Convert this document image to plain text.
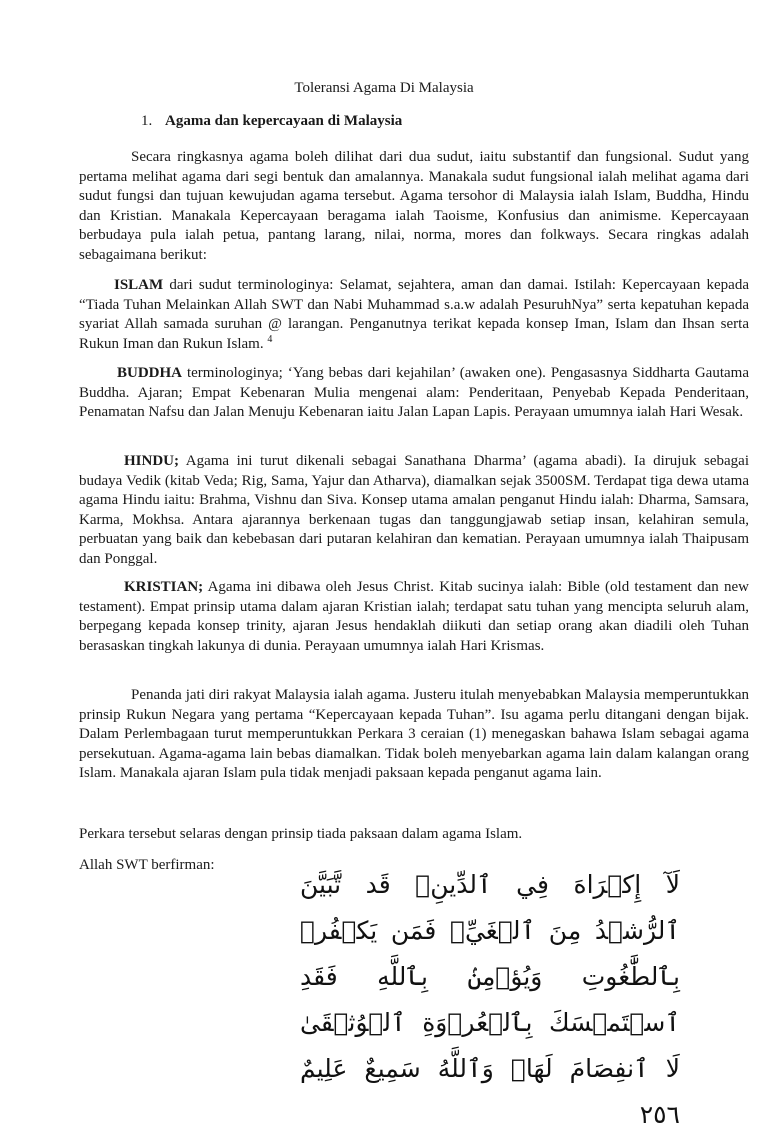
Toleransi Agama Di Malaysia
1. Agama dan kepercayaan di Malaysia

Secara ringkasnya agama boleh dilihat dari dua sudut, iaitu substantif dan fungsional. Sudut yang pertama melihat agama dari segi bentuk dan amalannya. Manakala sudut fungsional ialah melihat agama dari sudut fungsi dan tujuan kewujudan agama tersebut. Agama tersohor di Malaysia ialah Islam, Buddha, Hindu dan Kristian. Manakala Kepercayaan beragama ialah Taoisme, Konfusius dan animisme. Kepercayaan berbudaya pula ialah petua, pantang larang, nilai, norma, mores dan folkways. Secara ringkas adalah sebagaimana berikut:

ISLAM dari sudut terminologinya: Selamat, sejahtera, aman dan damai. Istilah: Kepercayaan kepada “Tiada Tuhan Melainkan Allah SWT dan Nabi Muhammad s.a.w adalah PesuruhNya” serta kepatuhan kepada syariat Allah samada suruhan @ larangan. Penganutnya terikat kepada konsep Iman, Islam dan Ihsan serta Rukun Iman dan Rukun Islam. $^4$

BUDDHA terminologinya; ‘Yang bebas dari kejahilan’ (awaken one). Pengasasnya Siddharta Gautama Buddha. Ajaran; Empat Kebenaran Mulia mengenai alam: Penderitaan, Penyebab Kepada Penderitaan, Penamatan Nafsu dan Jalan Menuju Kebenaran iaitu Jalan Lapan Lapis. Perayaan umumnya ialah Hari Wesak.

HINDU; Agama ini turut dikenali sebagai Sanathana Dharma’ (agama abadi). Ia dirujuk sebagai budaya Vedik (kitab Veda; Rig, Sama, Yajur dan Atharva), diamalkan sejak 3500SM. Terdapat tiga dewa utama agama Hindu iaitu: Brahma, Vishnu dan Siva. Konsep utama amalan penganut Hindu ialah: Dharma, Samsara, Karma, Mokhsa. Antara ajarannya berkenaan tugas dan tanggungjawab setiap insan, kelahiran semula, perbuatan yang baik dan kebebasan dari putaran kelahiran dan kematian. Perayaan umumnya ialah Thaipusam dan Ponggal.

KRISTIAN; Agama ini dibawa oleh Jesus Christ. Kitab sucinya ialah: Bible (old testament dan new testament). Empat prinsip utama dalam ajaran Kristian ialah; terdapat satu tuhan yang mencipta seluruh alam, berpegang kepada konsep trinity, ajaran Jesus hendaklah diikuti dan setiap orang akan diadili oleh Tuhan berasaskan tingkah lakunya di dunia. Perayaan umumnya ialah Hari Krismas.

Penanda jati diri rakyat Malaysia ialah agama. Justeru itulah menyebabkan Malaysia memperuntukkan prinsip Rukun Negara yang pertama “Kepercayaan kepada Tuhan”. Isu agama perlu ditangani dengan bijak. Dalam Perlembagaan turut memperuntukkan Perkara 3 ceraian (1) menegaskan bahawa Islam sebagai agama persekutuan. Agama-agama lain bebas diamalkan. Tidak boleh menyebarkan agama lain dalam kalangan orang Islam. Manakala ajaran Islam pula tidak menjadi paksaan kepada penganut agama lain.

Perkara tersebut selaras dengan prinsip tiada paksaan dalam agama Islam.

Allah SWT berfirman:

لَآ إِكۡرَاهَ فِي ٱلدِّينِۖ قَد تَّبَيَّنَ ٱلرُّشۡدُ مِنَ ٱلۡغَيِّۚ فَمَن يَكۡفُرۡ بِٱلطَّٰغُوتِ وَيُؤۡمِنۢ بِٱللَّهِ فَقَدِ ٱسۡتَمۡسَكَ بِٱلۡعُرۡوَةِ ٱلۡوُثۡقَىٰ لَا ٱنفِصَامَ لَهَاۗ وَٱللَّهُ سَمِيعٌ عَلِيمٌ ٢٥٦
